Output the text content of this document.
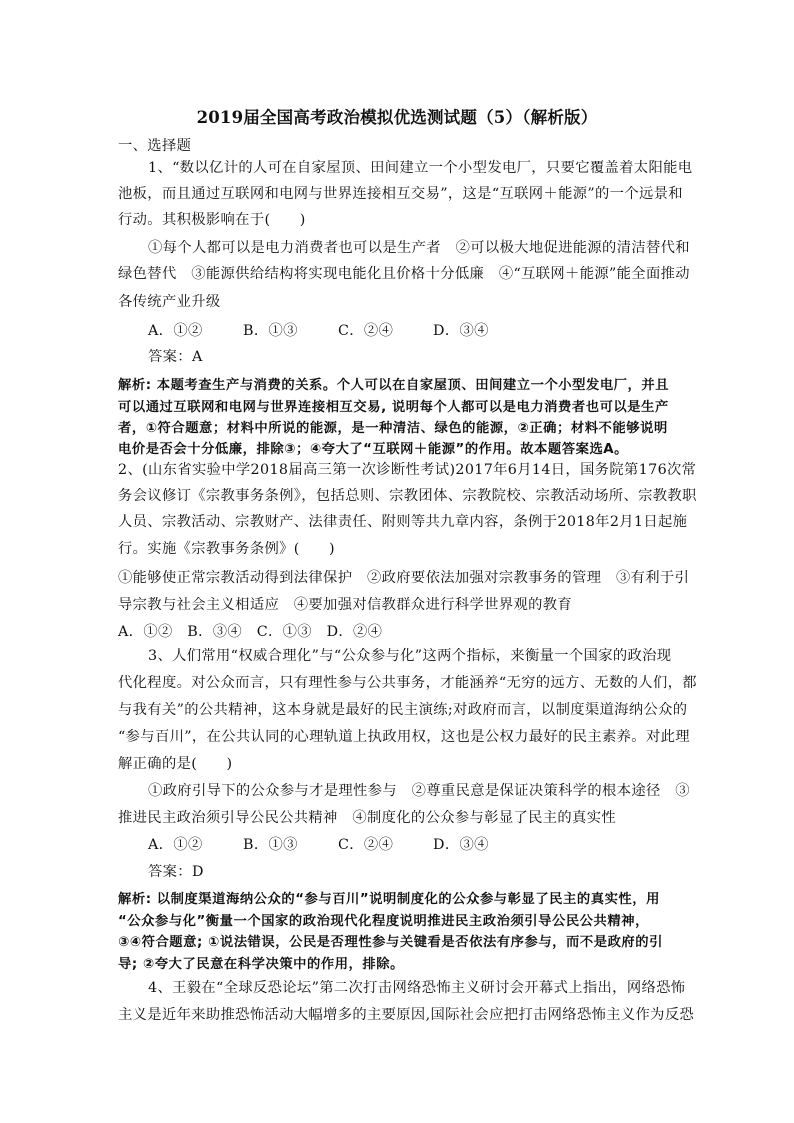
2019届全国高考政治模拟优选测试题（5）（解析版）
一、选择题
1、“数以亿计的人可在自家屋顶、田间建立一个小型发电厂，只要它覆盖着太阳能电
池板，而且通过互联网和电网与世界连接相互交易”，这是“互联网＋能源”的一个远景和
行动。其积极影响在于(　　)
①每个人都可以是电力消费者也可以是生产者　②可以极大地促进能源的清洁替代和
绿色替代　③能源供给结构将实现电能化且价格十分低廉　④“互联网＋能源”能全面推动
各传统产业升级
A．①②	B．①③	C．②④	D．③④
答案：A
解析: 本题考查生产与消费的关系。个人可以在自家屋顶、田间建立一个小型发电厂，并且
可以通过互联网和电网与世界连接相互交易, 说明每个人都可以是电力消费者也可以是生产
者，①符合题意；材料中所说的能源，是一种清洁、绿色的能源，②正确；材料不能够说明
电价是否会十分低廉，排除③；④夸大了“互联网＋能源”的作用。故本题答案选A。
2、(山东省实验中学2018届高三第一次诊断性考试)2017年6月14日，国务院第176次常
务会议修订《宗教事务条例》，包括总则、宗教团体、宗教院校、宗教活动场所、宗教教职
人员、宗教活动、宗教财产、法律责任、附则等共九章内容，条例于2018年2月1日起施
行。实施《宗教事务条例》(　　)
①能够使正常宗教活动得到法律保护　②政府要依法加强对宗教事务的管理　③有利于引
导宗教与社会主义相适应　④要加强对信教群众进行科学世界观的教育
A．①②　B．③④　C．①③　D．②④
3、人们常用“权威合理化”与“公众参与化”这两个指标，来衡量一个国家的政治现
代化程度。对公众而言，只有理性参与公共事务，才能涵养“无穷的远方、无数的人们，都
与我有关”的公共精神，这本身就是最好的民主演练;对政府而言，以制度渠道海纳公众的
“参与百川”，在公共认同的心理轨道上执政用权，这也是公权力最好的民主素养。对此理
解正确的是(　　)
①政府引导下的公众参与才是理性参与　②尊重民意是保证决策科学的根本途径　③
推进民主政治须引导公民公共精神　④制度化的公众参与彰显了民主的真实性
A．①②	B．①③	C．②④	D．③④
答案：D
解析: 以制度渠道海纳公众的“参与百川”说明制度化的公众参与彰显了民主的真实性，用
“公众参与化”衡量一个国家的政治现代化程度说明推进民主政治须引导公民公共精神，
③④符合题意; ①说法错误，公民是否理性参与关键看是否依法有序参与，而不是政府的引
导; ②夸大了民意在科学决策中的作用，排除。
4、王毅在“全球反恐论坛”第二次打击网络恐怖主义研讨会开幕式上指出，网络恐怖
主义是近年来助推恐怖活动大幅增多的主要原因,国际社会应把打击网络恐怖主义作为反恐
